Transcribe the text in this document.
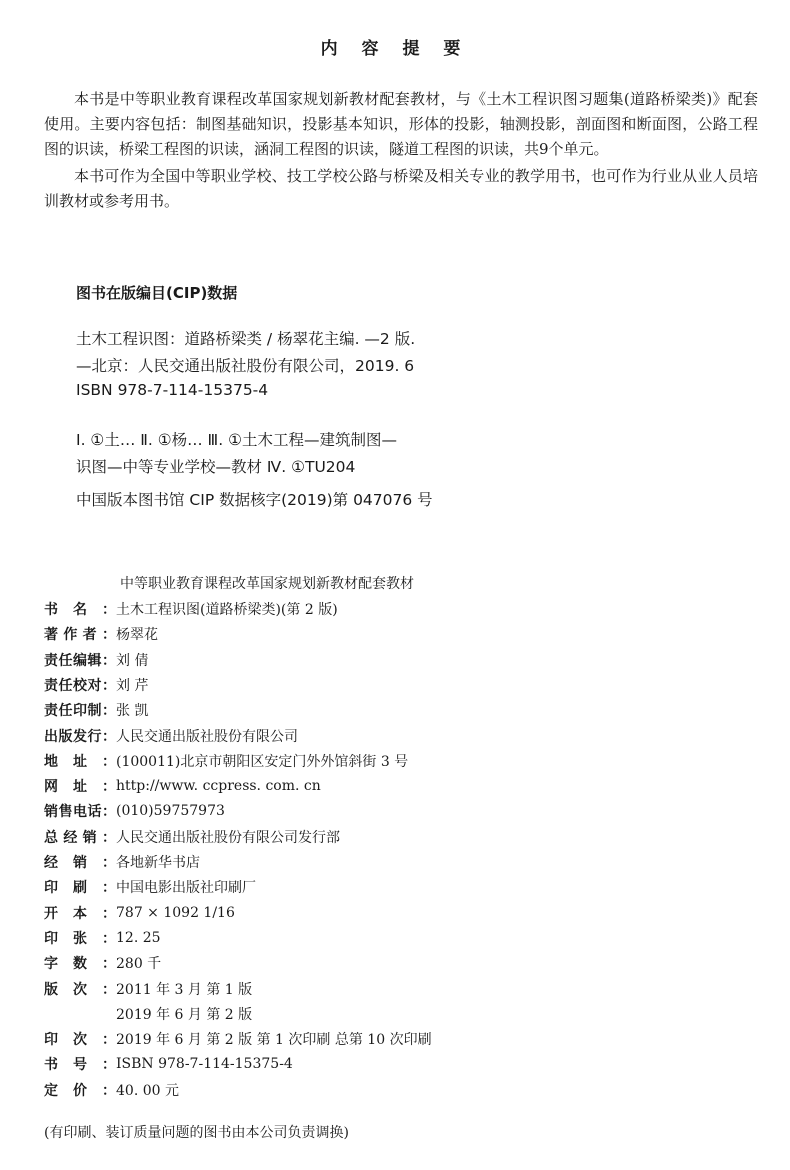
内 容 提 要
本书是中等职业教育课程改革国家规划新教材配套教材，与《土木工程识图习题集(道路桥梁类)》配套使用。主要内容包括：制图基础知识，投影基本知识，形体的投影，轴测投影，剖面图和断面图，公路工程图的识读，桥梁工程图的识读，涵洞工程图的识读，隧道工程图的识读，共9个单元。
本书可作为全国中等职业学校、技工学校公路与桥梁及相关专业的教学用书，也可作为行业从业人员培训教材或参考用书。
图书在版编目(CIP)数据
土木工程识图：道路桥梁类 / 杨翠花主编. —2 版.
—北京：人民交通出版社股份有限公司，2019. 6
ISBN 978-7-114-15375-4
Ⅰ. ①土… Ⅱ. ①杨… Ⅲ. ①土木工程—建筑制图—
识图—中等专业学校—教材 Ⅳ. ①TU204
中国版本图书馆 CIP 数据核字(2019)第 047076 号
中等职业教育课程改革国家规划新教材配套教材
书 名 ： 土木工程识图(道路桥梁类)(第 2 版)
著 作 者 ： 杨翠花
责 任 编 辑 ： 刘 倩
责 任 校 对 ： 刘 芹
责 任 印 制 ： 张 凯
出 版 发 行 ： 人民交通出版社股份有限公司
地 址 ： (100011)北京市朝阳区安定门外外馆斜街 3 号
网 址 ： http://www. ccpress. com. cn
销 售 电 话 ： (010)59757973
总 经 销 ： 人民交通出版社股份有限公司发行部
经 销 ： 各地新华书店
印 刷 ： 中国电影出版社印刷厂
开 本 ： 787 × 1092 1/16
印 张 ： 12. 25
字 数 ： 280 千
版 次 ： 2011 年 3 月 第 1 版
2019 年 6 月 第 2 版
印 次 ： 2019 年 6 月 第 2 版 第 1 次印刷 总第 10 次印刷
书 号 ： ISBN 978-7-114-15375-4
定 价 ： 40. 00 元
(有印刷、装订质量问题的图书由本公司负责调换)
